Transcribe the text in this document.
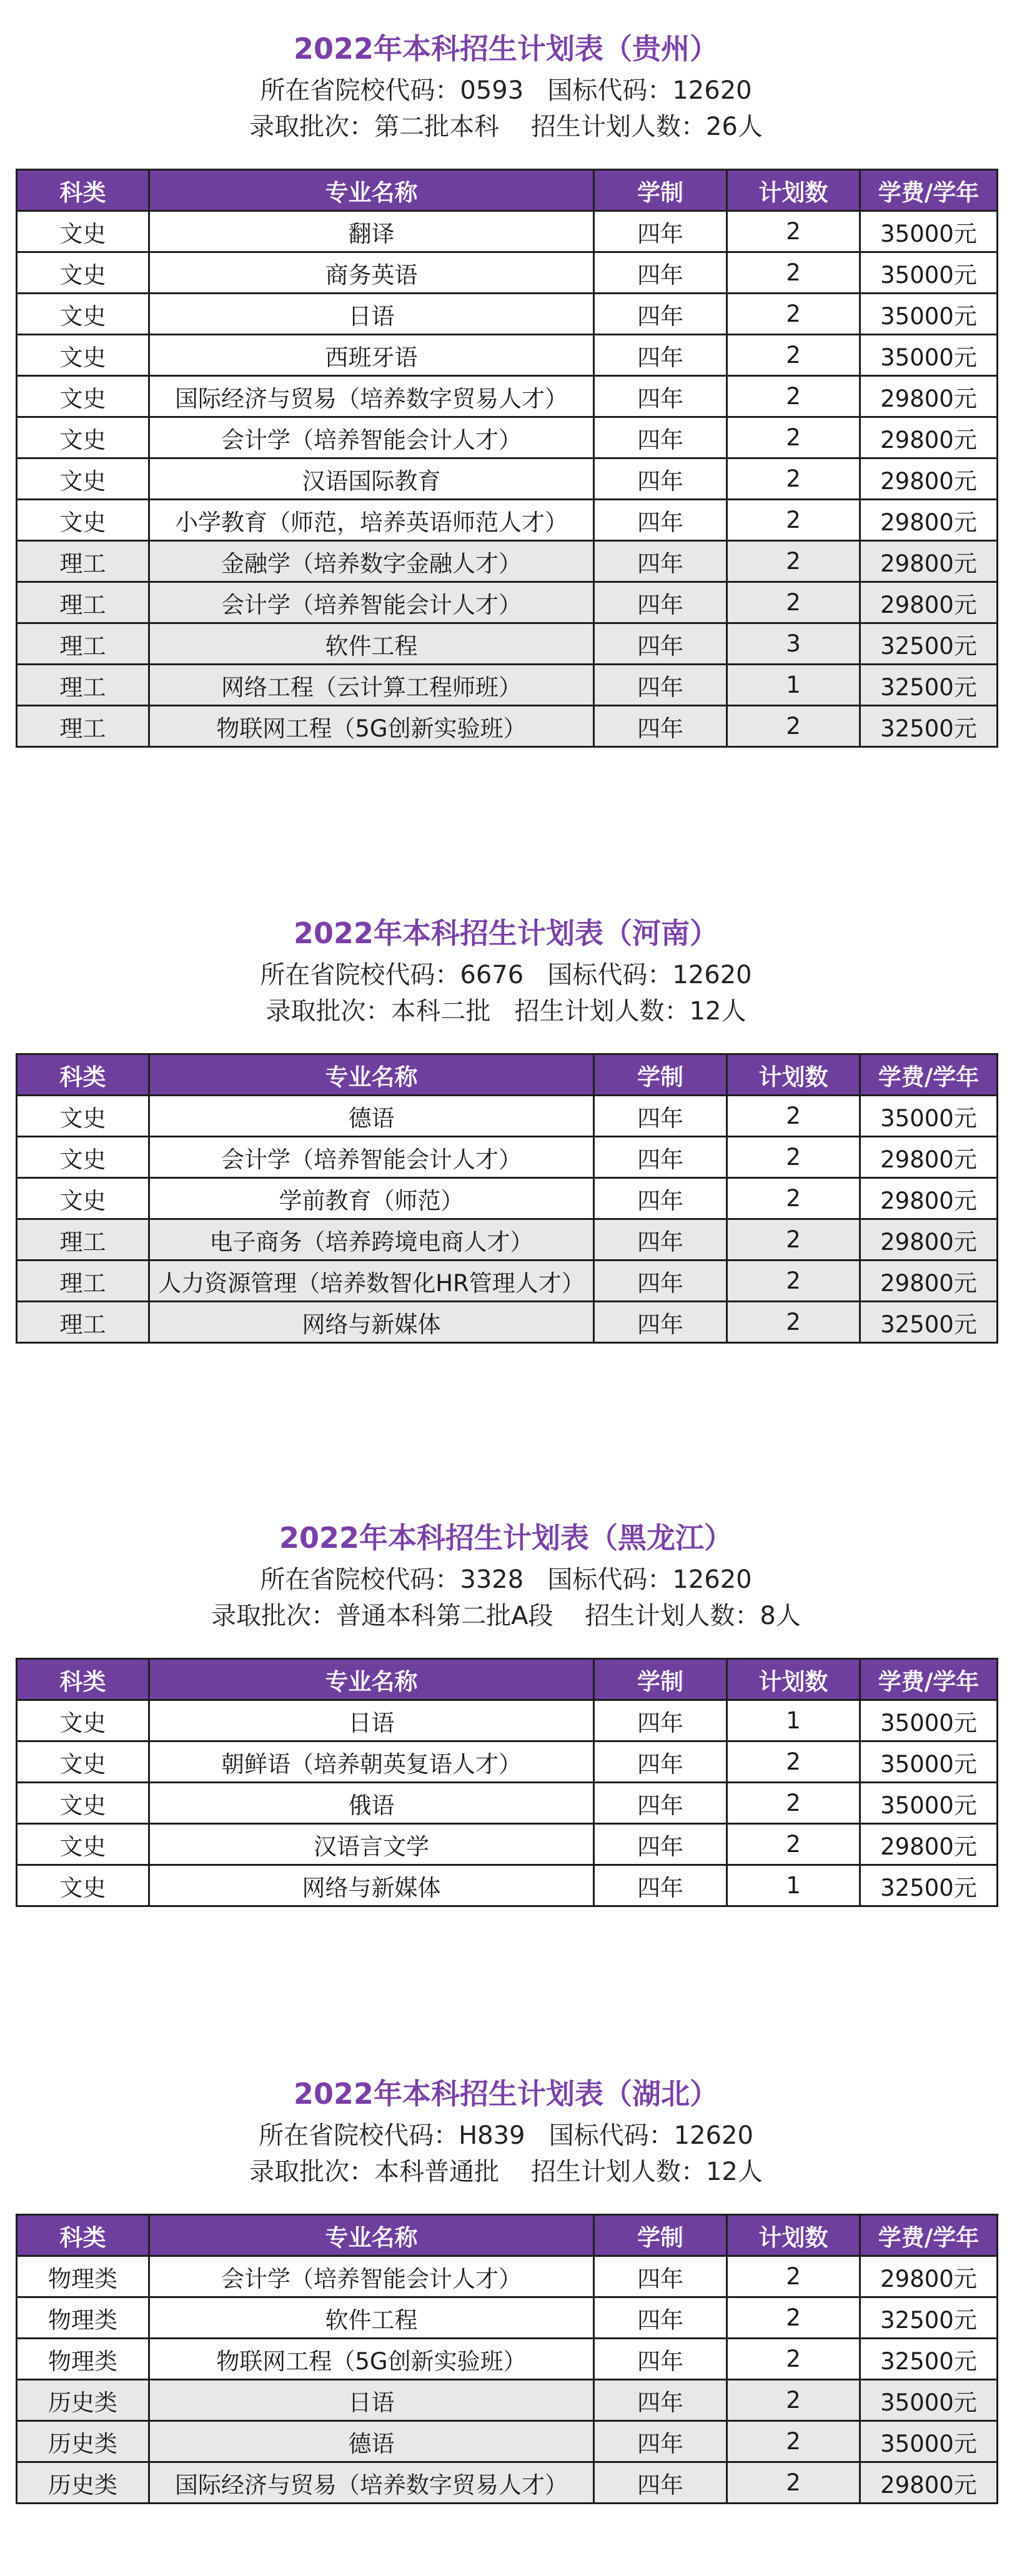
2022年本科招生计划表（贵州）

所在省院校代码：0593   国标代码：12620

录取批次：第二批本科    招生计划人数：26人

科类	专业名称	学制	计划数	学费/学年
文史	翻译	四年	2	35000元
文史	商务英语	四年	2	35000元
文史	日语	四年	2	35000元
文史	西班牙语	四年	2	35000元
文史	国际经济与贸易（培养数字贸易人才）	四年	2	29800元
文史	会计学（培养智能会计人才）	四年	2	29800元
文史	汉语国际教育	四年	2	29800元
文史	小学教育（师范，培养英语师范人才）	四年	2	29800元
理工	金融学（培养数字金融人才）	四年	2	29800元
理工	会计学（培养智能会计人才）	四年	2	29800元
理工	软件工程	四年	3	32500元
理工	网络工程（云计算工程师班）	四年	1	32500元
理工	物联网工程（5G创新实验班）	四年	2	32500元
2022年本科招生计划表（河南）

所在省院校代码：6676   国标代码：12620

录取批次：本科二批   招生计划人数：12人

科类	专业名称	学制	计划数	学费/学年
文史	德语	四年	2	35000元
文史	会计学（培养智能会计人才）	四年	2	29800元
文史	学前教育（师范）	四年	2	29800元
理工	电子商务（培养跨境电商人才）	四年	2	29800元
理工	人力资源管理（培养数智化HR管理人才）	四年	2	29800元
理工	网络与新媒体	四年	2	32500元
2022年本科招生计划表（黑龙江）

所在省院校代码：3328   国标代码：12620

录取批次：普通本科第二批A段    招生计划人数：8人

科类	专业名称	学制	计划数	学费/学年
文史	日语	四年	1	35000元
文史	朝鲜语（培养朝英复语人才）	四年	2	35000元
文史	俄语	四年	2	35000元
文史	汉语言文学	四年	2	29800元
文史	网络与新媒体	四年	1	32500元
2022年本科招生计划表（湖北）

所在省院校代码：H839   国标代码：12620

录取批次：本科普通批    招生计划人数：12人

科类	专业名称	学制	计划数	学费/学年
物理类	会计学（培养智能会计人才）	四年	2	29800元
物理类	软件工程	四年	2	32500元
物理类	物联网工程（5G创新实验班）	四年	2	32500元
历史类	日语	四年	2	35000元
历史类	德语	四年	2	35000元
历史类	国际经济与贸易（培养数字贸易人才）	四年	2	29800元
